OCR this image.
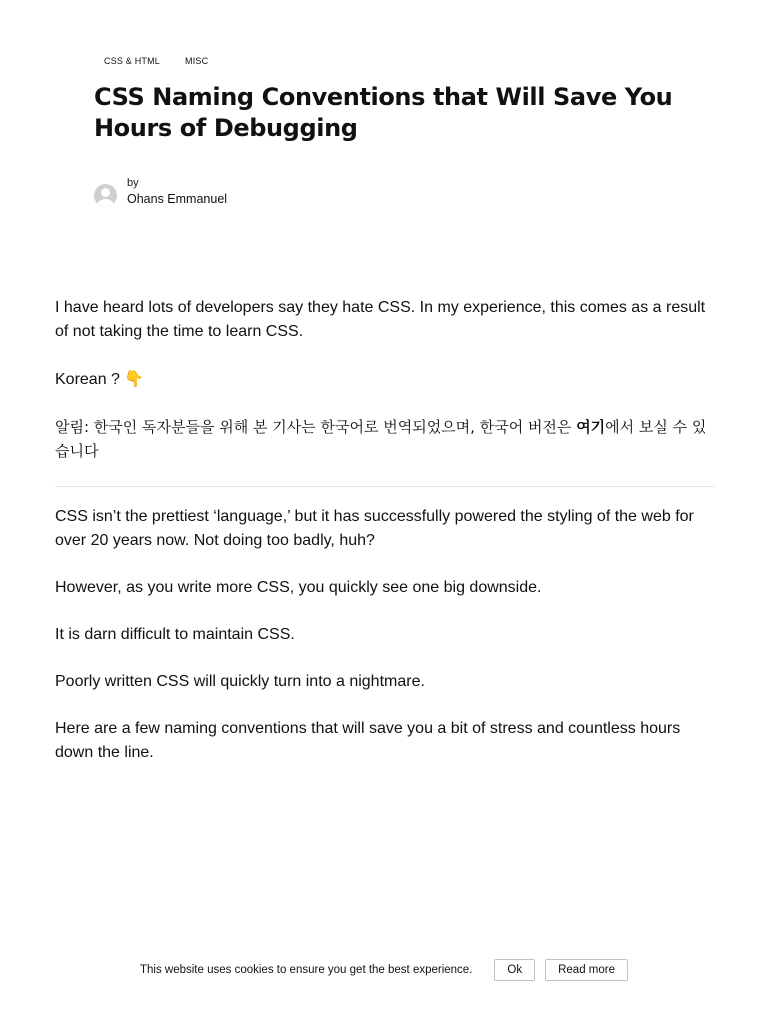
CSS & HTML	MISC
CSS Naming Conventions that Will Save You Hours of Debugging
by
Ohans Emmanuel

I have heard lots of developers say they hate CSS. In my experience, this comes as a result of not taking the time to learn CSS.

Korean ? 👇

알림: 한국인 독자분들을 위해 본 기사는 한국어로 번역되었으며, 한국어 버전은 여기에서 보실 수 있습니다

CSS isn’t the prettiest ‘language,’ but it has successfully powered the styling of the web for over 20 years now. Not doing too badly, huh?

However, as you write more CSS, you quickly see one big downside.

It is darn difficult to maintain CSS.

Poorly written CSS will quickly turn into a nightmare.

Here are a few naming conventions that will save you a bit of stress and countless hours down the line.

This website uses cookies to ensure you get the best experience.	Ok	Read more
